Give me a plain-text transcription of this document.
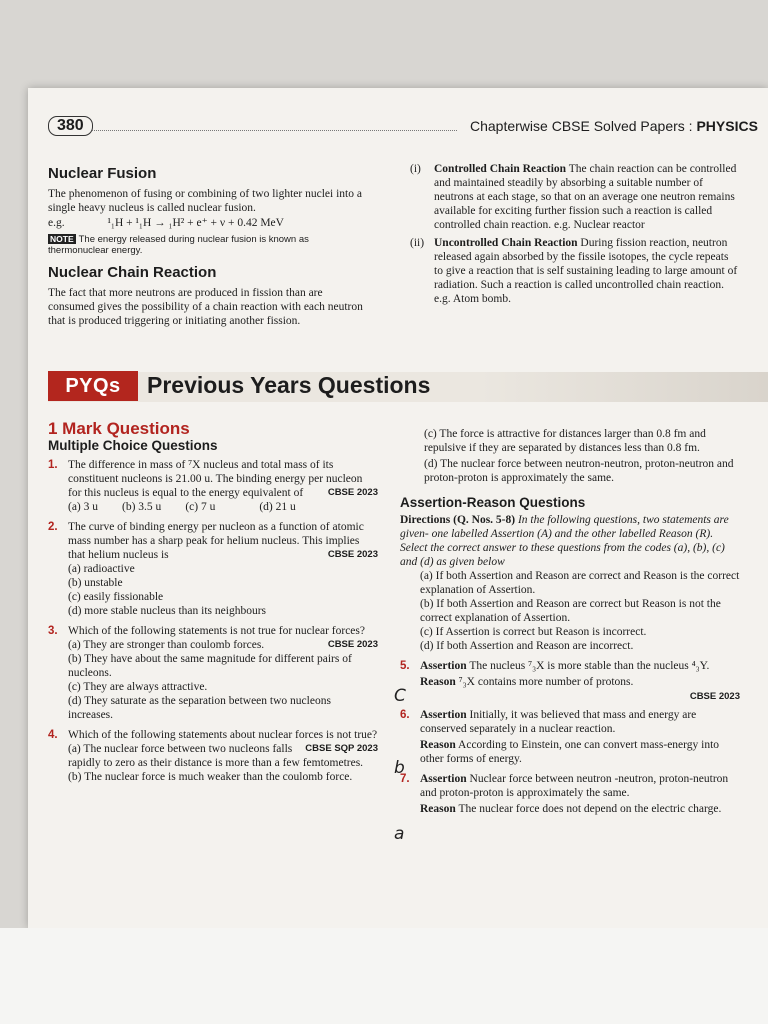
380	Chapterwise CBSE Solved Papers : PHYSICS
Nuclear Fusion
The phenomenon of fusing or combining of two lighter nuclei into a single heavy nucleus is called nuclear fusion.
e.g.	¹₁H + ¹₁H → ₁H² + e⁺ + ν + 0.42 MeV
NOTE The energy released during nuclear fusion is known as thermonuclear energy.
Nuclear Chain Reaction
The fact that more neutrons are produced in fission than are consumed gives the possibility of a chain reaction with each neutron that is produced triggering or initiating another fission.
(i) Controlled Chain Reaction The chain reaction can be controlled and maintained steadily by absorbing a suitable number of neutrons at each stage, so that on an average one neutron remains available for exciting further fission such a reaction is called controlled chain reaction. e.g. Nuclear reactor
(ii) Uncontrolled Chain Reaction During fission reaction, neutron released again absorbed by the fissile isotopes, the cycle repeats to give a reaction that is self sustaining leading to large amount of radiation. Such a reaction is called uncontrolled chain reaction. e.g. Atom bomb.
PYQs	Previous Years Questions
1 Mark Questions
Multiple Choice Questions
1. The difference in mass of ⁷X nucleus and total mass of its constituent nucleons is 21.00 u. The binding energy per nucleon for this nucleus is equal to the energy equivalent of	CBSE 2023
(a) 3 u (b) 3.5 u (c) 7 u	(d) 21 u
2. The curve of binding energy per nucleon as a function of atomic mass number has a sharp peak for helium nucleus. This implies that helium nucleus is	CBSE 2023
(a) radioactive
(b) unstable
(c) easily fissionable
(d) more stable nucleus than its neighbours
3. Which of the following statements is not true for nuclear forces?
CBSE 2023
(a) They are stronger than coulomb forces.
(b) They have about the same magnitude for different pairs of nucleons.
(c) They are always attractive.
(d) They saturate as the separation between two nucleons increases.
4. Which of the following statements about nuclear forces is not true?
CBSE SQP 2023
(a) The nuclear force between two nucleons falls rapidly to zero as their distance is more than a few femtometres.
(b) The nuclear force is much weaker than the coulomb force.
(c) The force is attractive for distances larger than 0.8 fm and repulsive if they are separated by distances less than 0.8 fm.
(d) The nuclear force between neutron-neutron, proton-neutron and proton-proton is approximately the same.
Assertion-Reason Questions
Directions (Q. Nos. 5-8) In the following questions, two statements are given- one labelled Assertion (A) and the other labelled Reason (R). Select the correct answer to these questions from the codes (a), (b), (c) and (d) as given below
(a) If both Assertion and Reason are correct and Reason is the correct explanation of Assertion.
(b) If both Assertion and Reason are correct but Reason is not the correct explanation of Assertion.
(c) If Assertion is correct but Reason is incorrect.
(d) If both Assertion and Reason are incorrect.
5. Assertion The nucleus ⁷₃X is more stable than the nucleus ⁴₃Y.
Reason ⁷₃X contains more number of protons.
CBSE 2023
6. Assertion Initially, it was believed that mass and energy are conserved separately in a nuclear reaction.
Reason According to Einstein, one can convert mass-energy into other forms of energy.
7. Assertion Nuclear force between neutron -neutron, proton-neutron and proton-proton is approximately the same.
Reason The nuclear force does not depend on the electric charge.
C
b
a
